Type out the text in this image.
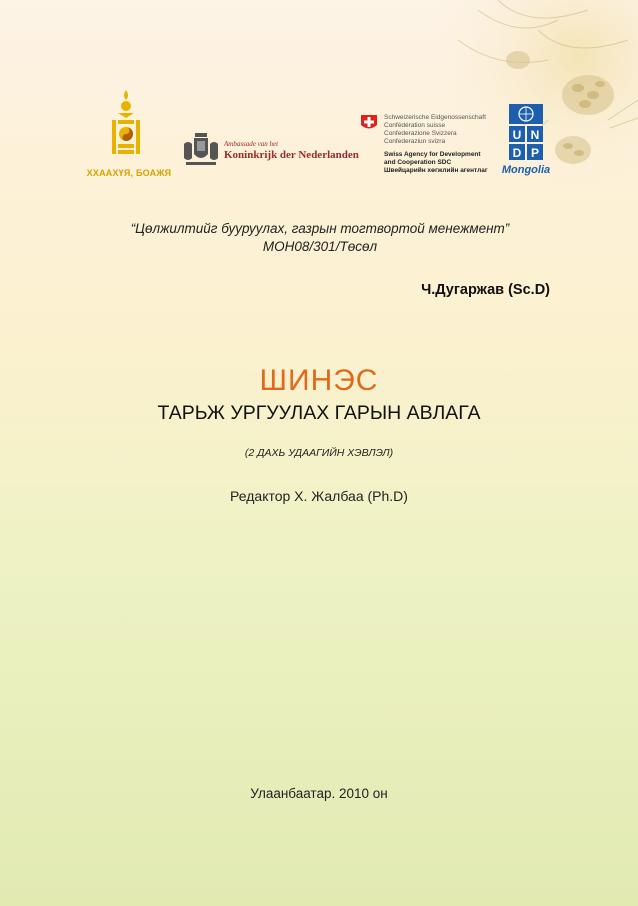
ХХААХҮЯ, БОАЖЯ
Ambassade van het
Koninkrijk der Nederlanden
Schweizerische Eidgenossenschaft
Confédération suisse
Confederazione Svizzera
Confederaziun svizra
Swiss Agency for Development
and Cooperation SDC
Швейцарийн хөгжлийн агентлаг
U N
D P
Mongolia
“Цөлжилтийг бууруулах, газрын тогтвортой менежмент”
МОН08/301/Төсөл
Ч.Дугаржав (Sc.D)
ШИНЭС
ТАРЬЖ УРГУУЛАХ ГАРЫН АВЛАГА
(2 ДАХЬ УДААГИЙН ХЭВЛЭЛ)
Редактор Х. Жалбаа (Ph.D)
Улаанбаатар. 2010 он
